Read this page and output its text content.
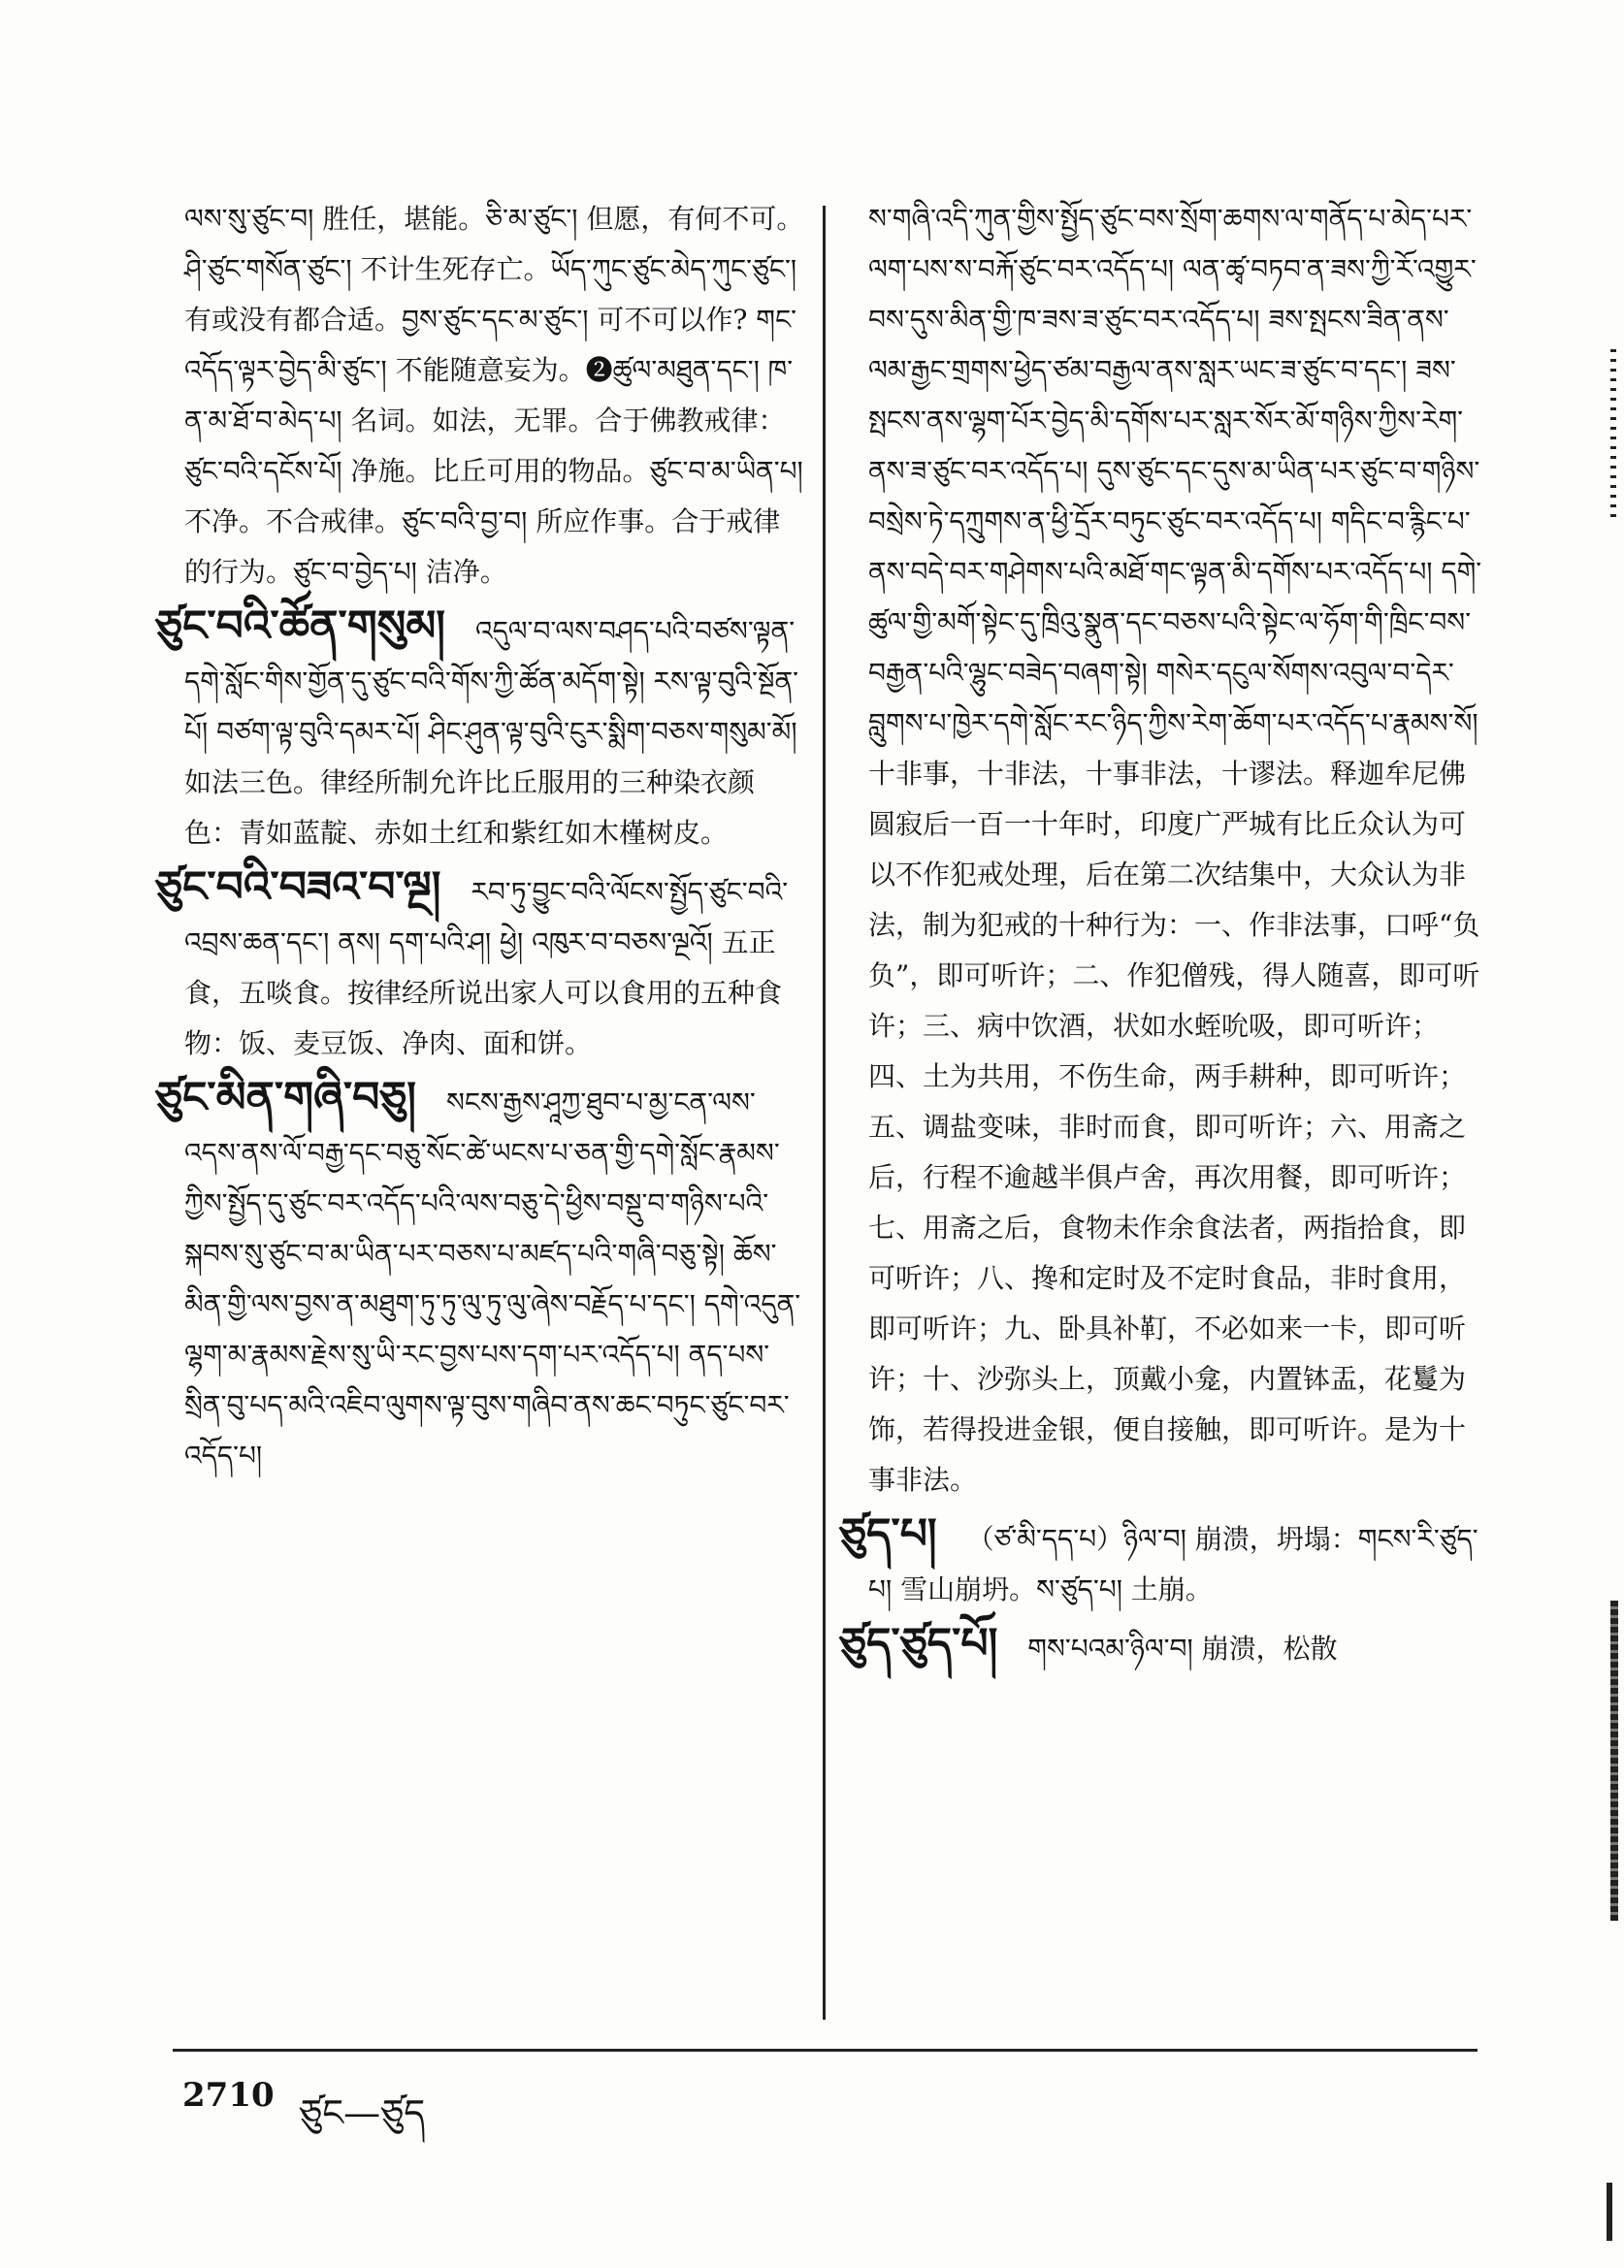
ལས་སུ་ཙུང་བ། 胜任，堪能。ཅི་མ་ཙུང་། 但愿，有何不可。ཤི་ཙུང་གསོན་ཙུང་། 不计生死存亡。ཡོད་ཀུང་ཙུང་མེད་ཀུང་ཙུང་། 有或没有都合适。བྱས་ཙུང་དང་མ་ཙུང་། 可不可以作? གང་འདོད་ལྟར་བྱེད་མི་ཙུང་། 不能随意妄为。❷ཚུལ་མཐུན་དང་། ཁ་ན་མ་ཐོ་བ་མེད་པ། 名词。如法，无罪。合于佛教戒律：ཙུང་བའི་དངོས་པོ། 净施。比丘可用的物品。ཙུང་བ་མ་ཡིན་པ། 不净。不合戒律。ཙུང་བའི་བྱ་བ། 所应作事。合于戒律的行为。ཙུང་བ་བྱེད་པ། 洁净。
ཙུང་བའི་ཚོན་གསུམ། འདུལ་བ་ལས་བཤད་པའི་བཙས་ལྟན་དགེ་སློང་གིས་གྱོན་དུ་ཙུང་བའི་གོས་ཀྱི་ཚོན་མདོག་སྟེ། རས་ལྟ་བུའི་སྔོན་པོ། བཙག་ལྟ་བུའི་དམར་པོ། ཤིང་ཤུན་ལྟ་བུའི་ངུར་སྨིག་བཅས་གསུམ་མོ། 如法三色。律经所制允许比丘服用的三种染衣颜色：青如蓝靛、赤如土红和紫红如木槿树皮。
ཙུང་བའི་བཟའ་བ་ལྔ། རབ་ཏུ་བྱུང་བའི་ལོངས་སྤྱོད་ཙུང་བའི་འབྲས་ཆན་དང་། ནས། དག་པའི་ཤ། ཕྱེ། འཁུར་བ་བཅས་ལྔའོ། 五正食，五啖食。按律经所说出家人可以食用的五种食物：饭、麦豆饭、净肉、面和饼。
ཙུང་མིན་གཞི་བཅུ། སངས་རྒྱས་ཤཱཀྱ་ཐུབ་པ་མྱ་ངན་ལས་འདས་ནས་ལོ་བརྒྱ་དང་བཅུ་སོང་ཚེ་ཡངས་པ་ཅན་གྱི་དགེ་སློང་རྣམས་ཀྱིས་སྤྱོད་དུ་ཙུང་བར་འདོད་པའི་ལས་བཅུ་དེ་ཕྱིས་བསྡུ་བ་གཉིས་པའི་སྐབས་སུ་ཙུང་བ་མ་ཡིན་པར་བཅས་པ་མཛད་པའི་གཞི་བཅུ་སྟེ། ཆོས་མིན་གྱི་ལས་བྱས་ན་མཐུག་ཏུ་ཏུ་ལུ་ཏུ་ལུ་ཞེས་བརྗོད་པ་དང་། དགེ་འདུན་ལྷག་མ་རྣམས་རྗེས་སུ་ཡི་རང་བྱས་པས་དག་པར་འདོད་པ། ནད་པས་སྲིན་བུ་པད་མའི་འཇིབ་ལུགས་ལྟ་བུས་གཞིབ་ནས་ཆང་བཏུང་ཙུང་བར་འདོད་པ།
ས་གཞི་འདི་ཀུན་གྱིས་སྤྱོད་ཙུང་བས་སྲོག་ཆགས་ལ་གནོད་པ་མེད་པར་ལག་པས་ས་བརྐོ་ཙུང་བར་འདོད་པ། ལན་ཚྭ་བཏབ་ན་ཟས་ཀྱི་རོ་འགྱུར་བས་དུས་མིན་གྱི་ཁ་ཟས་ཟ་ཙུང་བར་འདོད་པ། ཟས་སྤངས་ཟིན་ནས་ལམ་རྒྱང་གྲགས་ཕྱེད་ཙམ་བརྒྱལ་ནས་སླར་ཡང་ཟ་ཙུང་བ་དང་། ཟས་སྤངས་ནས་ལྷག་པོར་བྱེད་མི་དགོས་པར་སླར་སོར་མོ་གཉིས་ཀྱིས་རེག་ནས་ཟ་ཙུང་བར་འདོད་པ། དུས་ཙུང་དང་དུས་མ་ཡིན་པར་ཙུང་བ་གཉིས་བསྲེས་ཏེ་དཀྲུགས་ན་ཕྱི་དྲོར་བཏུང་ཙུང་བར་འདོད་པ། གདིང་བ་རྙིང་པ་ནས་བདེ་བར་གཤེགས་པའི་མཐོ་གང་ལྟན་མི་དགོས་པར་འདོད་པ། དགེ་ཚུལ་གྱི་མགོ་སྟེང་དུ་ཁྲིའུ་སྣུན་དང་བཅས་པའི་སྟེང་ལ་ཧོག་གི་ཁྲིང་བས་བརྒྱན་པའི་ལྷུང་བཟེད་བཞག་སྟེ། གསེར་དངུལ་སོགས་འབུལ་བ་དེར་བླུགས་པ་ཁྱེར་དགེ་སློང་རང་ཉིད་ཀྱིས་རེག་ཆོག་པར་འདོད་པ་རྣམས་སོ། 十非事，十非法，十事非法，十谬法。释迦牟尼佛圆寂后一百一十年时，印度广严城有比丘众认为可以不作犯戒处理，后在第二次结集中，大众认为非法，制为犯戒的十种行为：一、作非法事，口呼“负负”，即可听许；二、作犯僧残，得人随喜，即可听许；三、病中饮酒，状如水蛭吮吸，即可听许；四、土为共用，不伤生命，两手耕种，即可听许；五、调盐变味，非时而食，即可听许；六、用斋之后，行程不逾越半俱卢舍，再次用餐，即可听许；七、用斋之后，食物未作余食法者，两指拾食，即可听许；八、搀和定时及不定时食品，非时食用，即可听许；九、卧具补靪，不必如来一卡，即可听许；十、沙弥头上，顶戴小龛，内置钵盂，花鬘为饰，若得投进金银，便自接触，即可听许。是为十事非法。
ཙུད་པ། （ཙ་མི་དད་པ）ཉིལ་བ། 崩溃，坍塌：གངས་རི་ཙུད་པ། 雪山崩坍。ས་ཙུད་པ། 土崩。
ཙུད་ཙུད་པོ། གས་པའམ་ཉིལ་བ། 崩溃，松散
2710 ཙུང—ཙུད
